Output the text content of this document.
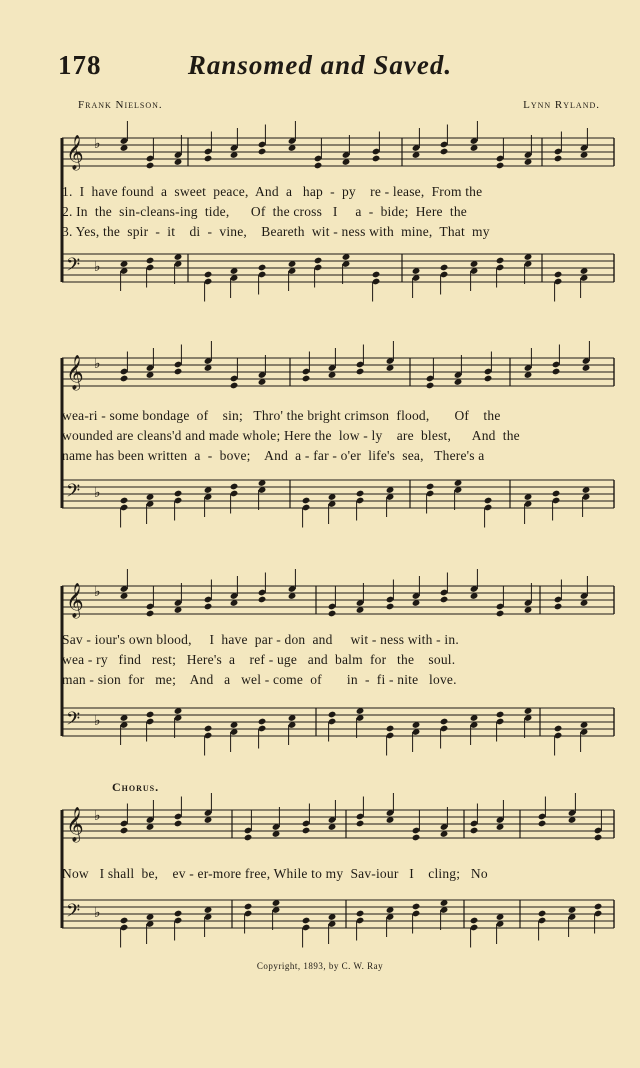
178	Ransomed and Saved.
Frank Nielson.	Lynn Ryland.
𝄞 ♭
𝄢 ♭
1.  I  have found  a  sweet  peace,  And  a   hap  -  py    re - lease,  From the
2. In  the  sin-cleans-ing  tide,      Of  the cross   I     a  -  bide;  Here  the
3. Yes, the  spir  -  it    di  -  vine,    Beareth  wit - ness with  mine,  That  my
𝄞 ♭
𝄢 ♭
wea-ri - some bondage  of    sin;   Thro' the bright crimson  flood,       Of    the
wounded are cleans'd and made whole; Here the  low - ly    are  blest,      And  the
name has been written  a  -  bove;    And  a - far - o'er  life's  sea,   There's a
𝄞 ♭
𝄢 ♭
Sav - iour's own blood,     I  have  par - don  and     wit - ness with - in.
wea - ry   find   rest;   Here's  a    ref - uge   and  balm  for   the    soul.
man - sion  for   me;    And   a   wel - come  of       in  -  fi - nite   love.
Chorus.
𝄞 ♭
𝄢 ♭
Now   I shall  be,    ev - er-more free, While to my  Sav-iour   I    cling;   No
Copyright, 1893, by C. W. Ray
